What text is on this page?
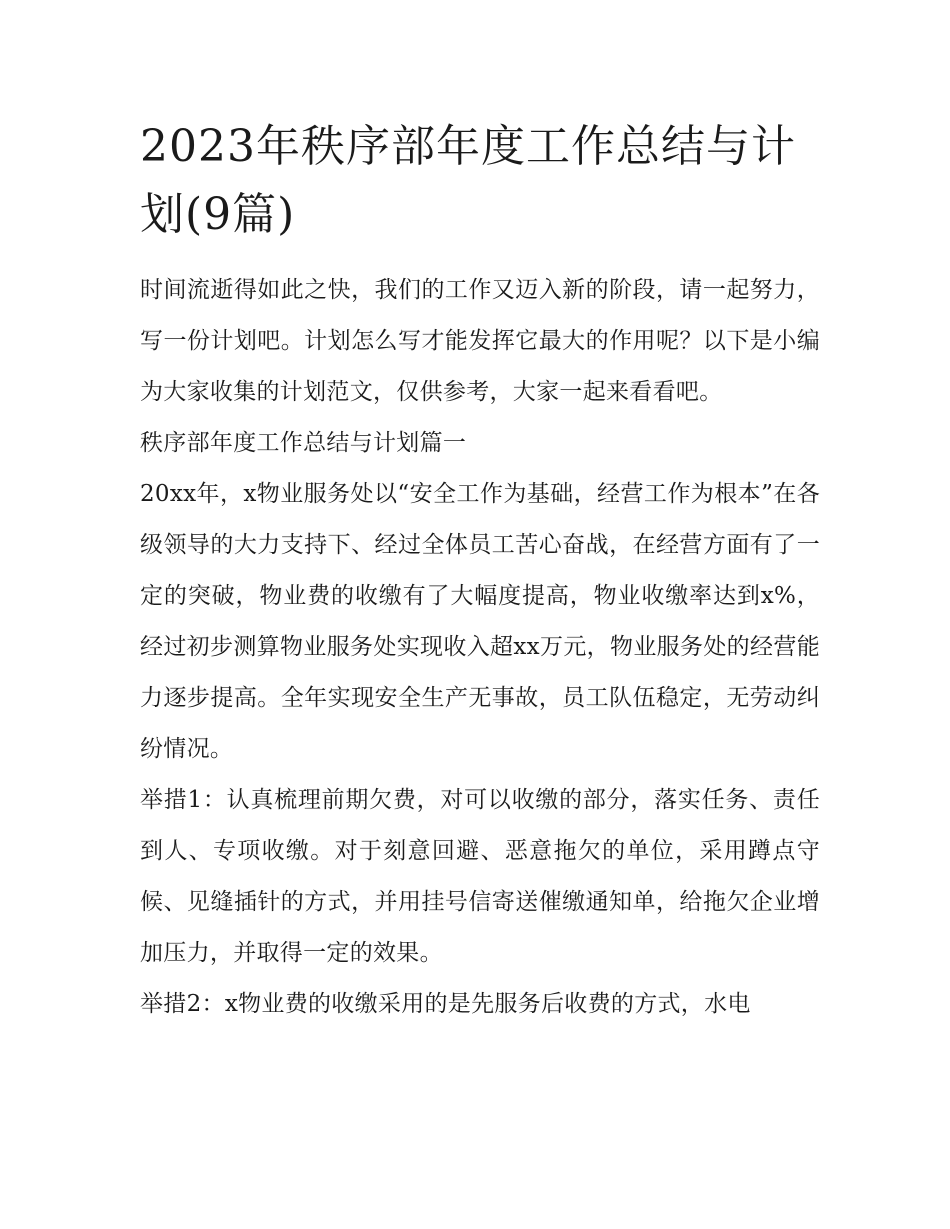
2023年秩序部年度工作总结与计划(9篇)

时间流逝得如此之快，我们的工作又迈入新的阶段，请一起努力，写一份计划吧。计划怎么写才能发挥它最大的作用呢？以下是小编为大家收集的计划范文，仅供参考，大家一起来看看吧。

秩序部年度工作总结与计划篇一

20xx年，x物业服务处以“安全工作为基础，经营工作为根本”在各级领导的大力支持下、经过全体员工苦心奋战，在经营方面有了一定的突破，物业费的收缴有了大幅度提高，物业收缴率达到x%，经过初步测算物业服务处实现收入超xx万元，物业服务处的经营能力逐步提高。全年实现安全生产无事故，员工队伍稳定，无劳动纠纷情况。

举措1：认真梳理前期欠费，对可以收缴的部分，落实任务、责任到人、专项收缴。对于刻意回避、恶意拖欠的单位，采用蹲点守候、见缝插针的方式，并用挂号信寄送催缴通知单，给拖欠企业增加压力，并取得一定的效果。

举措2：x物业费的收缴采用的是先服务后收费的方式，水电
